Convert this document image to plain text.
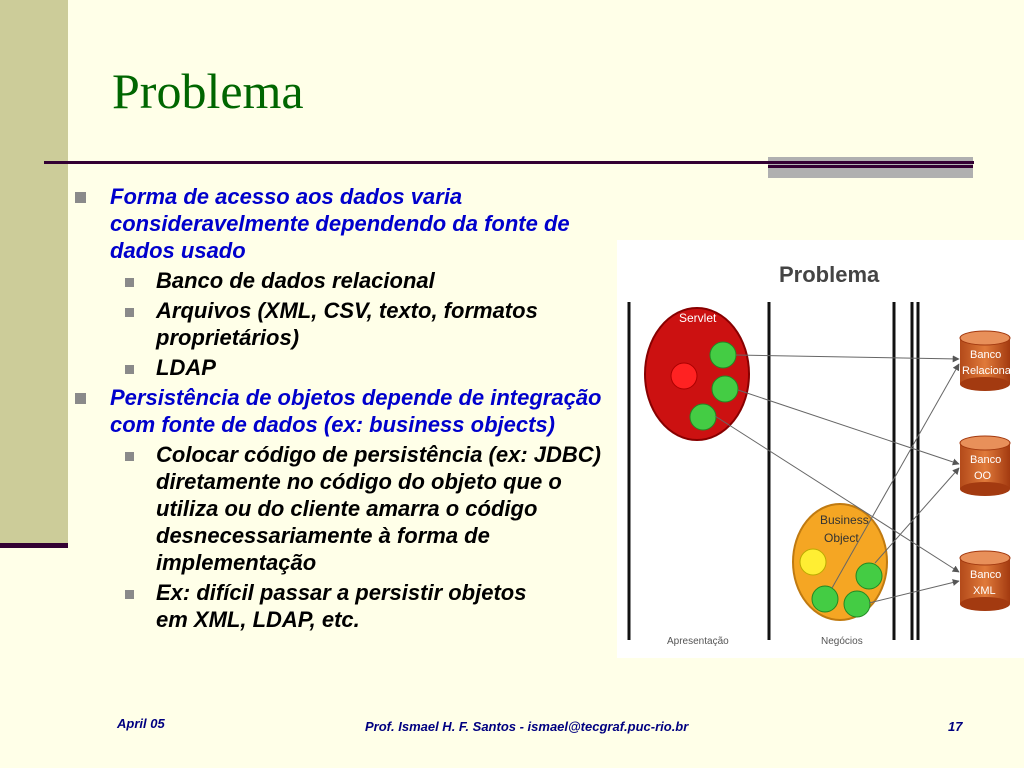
Problema
Forma de acesso aos dados varia consideravelmente dependendo da fonte de dados usado
Banco de dados relacional
Arquivos (XML, CSV, texto, formatos proprietários)
LDAP
Persistência de objetos depende de integração com fonte de dados (ex: business objects)
Colocar código de persistência (ex: JDBC) diretamente no código do objeto que o utiliza ou do cliente amarra o código desnecessariamente à forma de implementação
Ex: difícil passar a persistir objetos em XML, LDAP, etc.
Problema
Servlet
Business
Object
Banco
Relacional
Banco
OO
Banco
XML
Apresentação	Negócios
April 05	Prof. Ismael H. F. Santos - ismael@tecgraf.puc-rio.br	17
